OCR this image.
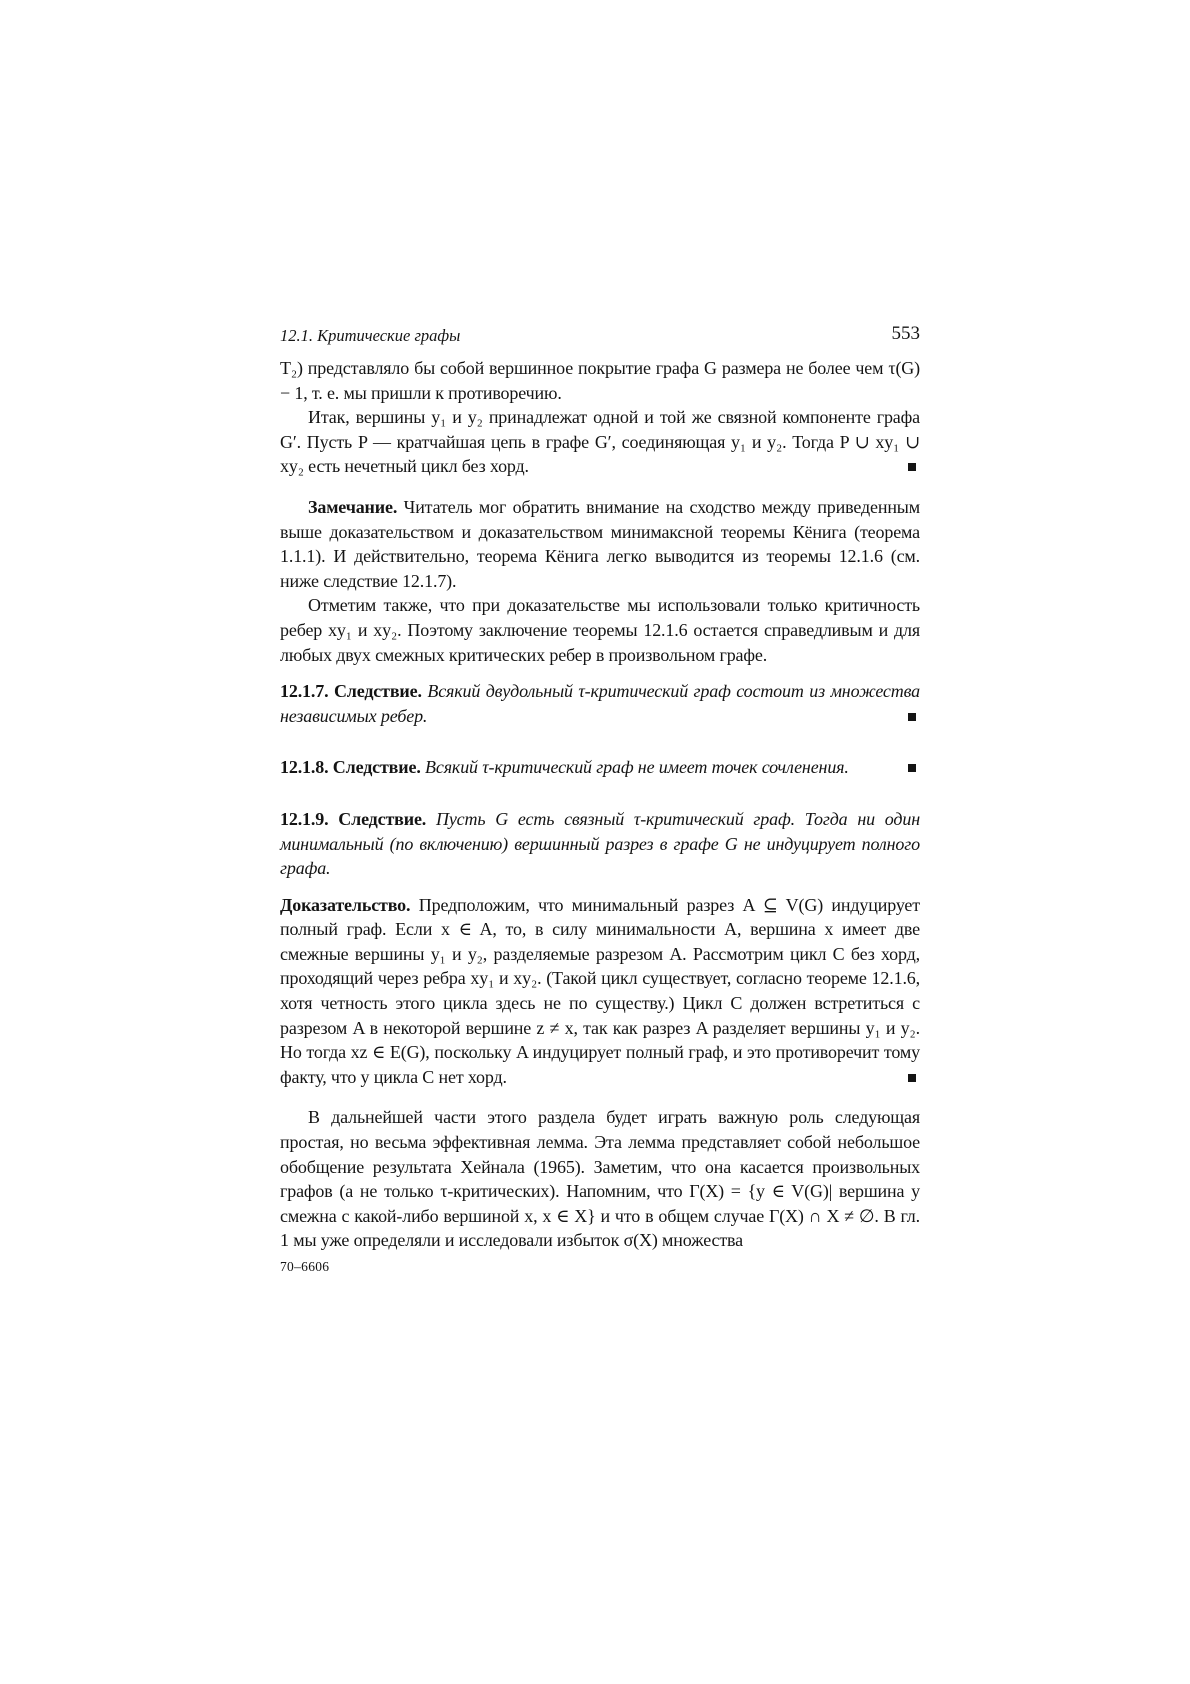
12.1. Критические графы	553

T₂) представляло бы собой вершинное покрытие графа G размера не более чем τ(G) − 1, т. е. мы пришли к противоречию.

Итак, вершины y₁ и y₂ принадлежат одной и той же связной компоненте графа G′. Пусть P — кратчайшая цепь в графе G′, соединяющая y₁ и y₂. Тогда P ∪ xy₁ ∪ xy₂ есть нечетный цикл без хорд.

Замечание. Читатель мог обратить внимание на сходство между приведенным выше доказательством и доказательством минимаксной теоремы Кёнига (теорема 1.1.1). И действительно, теорема Кёнига легко выводится из теоремы 12.1.6 (см. ниже следствие 12.1.7).

Отметим также, что при доказательстве мы использовали только критичность ребер xy₁ и xy₂. Поэтому заключение теоремы 12.1.6 остается справедливым и для любых двух смежных критических ребер в произвольном графе.

12.1.7. Следствие. Всякий двудольный τ-критический граф состоит из множества независимых ребер.

12.1.8. Следствие. Всякий τ-критический граф не имеет точек сочленения.

12.1.9. Следствие. Пусть G есть связный τ-критический граф. Тогда ни один минимальный (по включению) вершинный разрез в графе G не индуцирует полного графа.

Доказательство. Предположим, что минимальный разрез A ⊆ V(G) индуцирует полный граф. Если x ∈ A, то, в силу минимальности A, вершина x имеет две смежные вершины y₁ и y₂, разделяемые разрезом A. Рассмотрим цикл C без хорд, проходящий через ребра xy₁ и xy₂. (Такой цикл существует, согласно теореме 12.1.6, хотя четность этого цикла здесь не по существу.) Цикл C должен встретиться с разрезом A в некоторой вершине z ≠ x, так как разрез A разделяет вершины y₁ и y₂. Но тогда xz ∈ E(G), поскольку A индуцирует полный граф, и это противоречит тому факту, что у цикла C нет хорд.

В дальнейшей части этого раздела будет играть важную роль следующая простая, но весьма эффективная лемма. Эта лемма представляет собой небольшое обобщение результата Хейнала (1965). Заметим, что она касается произвольных графов (а не только τ-критических). Напомним, что Γ(X) = {y ∈ V(G)| вершина y смежна с какой-либо вершиной x, x ∈ X} и что в общем случае Γ(X) ∩ X ≠ ∅. В гл. 1 мы уже определяли и исследовали избыток σ(X) множества

70–6606
